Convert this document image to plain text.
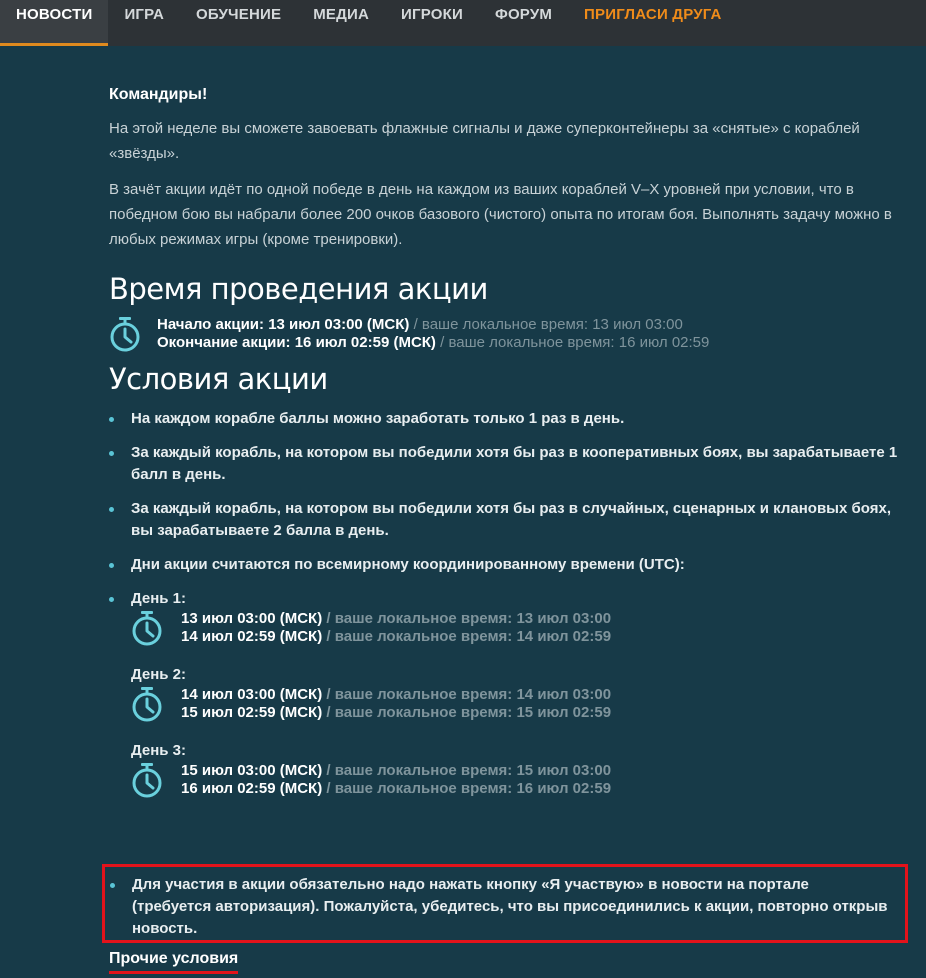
НОВОСТИ	ИГРА	ОБУЧЕНИЕ	МЕДИА	ИГРОКИ	ФОРУМ	ПРИГЛАСИ ДРУГА

Командиры!

На этой неделе вы сможете завоевать флажные сигналы и даже суперконтейнеры за «снятые» с кораблей «звёзды».

В зачёт акции идёт по одной победе в день на каждом из ваших кораблей V–X уровней при условии, что в победном бою вы набрали более 200 очков базового (чистого) опыта по итогам боя. Выполнять задачу можно в любых режимах игры (кроме тренировки).

Время проведения акции
Начало акции: 13 июл 03:00 (МСК) / ваше локальное время: 13 июл 03:00
Окончание акции: 16 июл 02:59 (МСК) / ваше локальное время: 16 июл 02:59
Условия акции
На каждом корабле баллы можно заработать только 1 раз в день.
За каждый корабль, на котором вы победили хотя бы раз в кооперативных боях, вы зарабатываете 1 балл в день.
За каждый корабль, на котором вы победили хотя бы раз в случайных, сценарных и клановых боях, вы зарабатываете 2 балла в день.
Дни акции считаются по всемирному координированному времени (UTC):
День 1:
13 июл 03:00 (МСК) / ваше локальное время: 13 июл 03:00
14 июл 02:59 (МСК) / ваше локальное время: 14 июл 02:59
День 2:
14 июл 03:00 (МСК) / ваше локальное время: 14 июл 03:00
15 июл 02:59 (МСК) / ваше локальное время: 15 июл 02:59
День 3:
15 июл 03:00 (МСК) / ваше локальное время: 15 июл 03:00
16 июл 02:59 (МСК) / ваше локальное время: 16 июл 02:59
Для участия в акции обязательно надо нажать кнопку «Я участвую» в новости на портале (требуется авторизация). Пожалуйста, убедитесь, что вы присоединились к акции, повторно открыв новость.
Прочие условия
